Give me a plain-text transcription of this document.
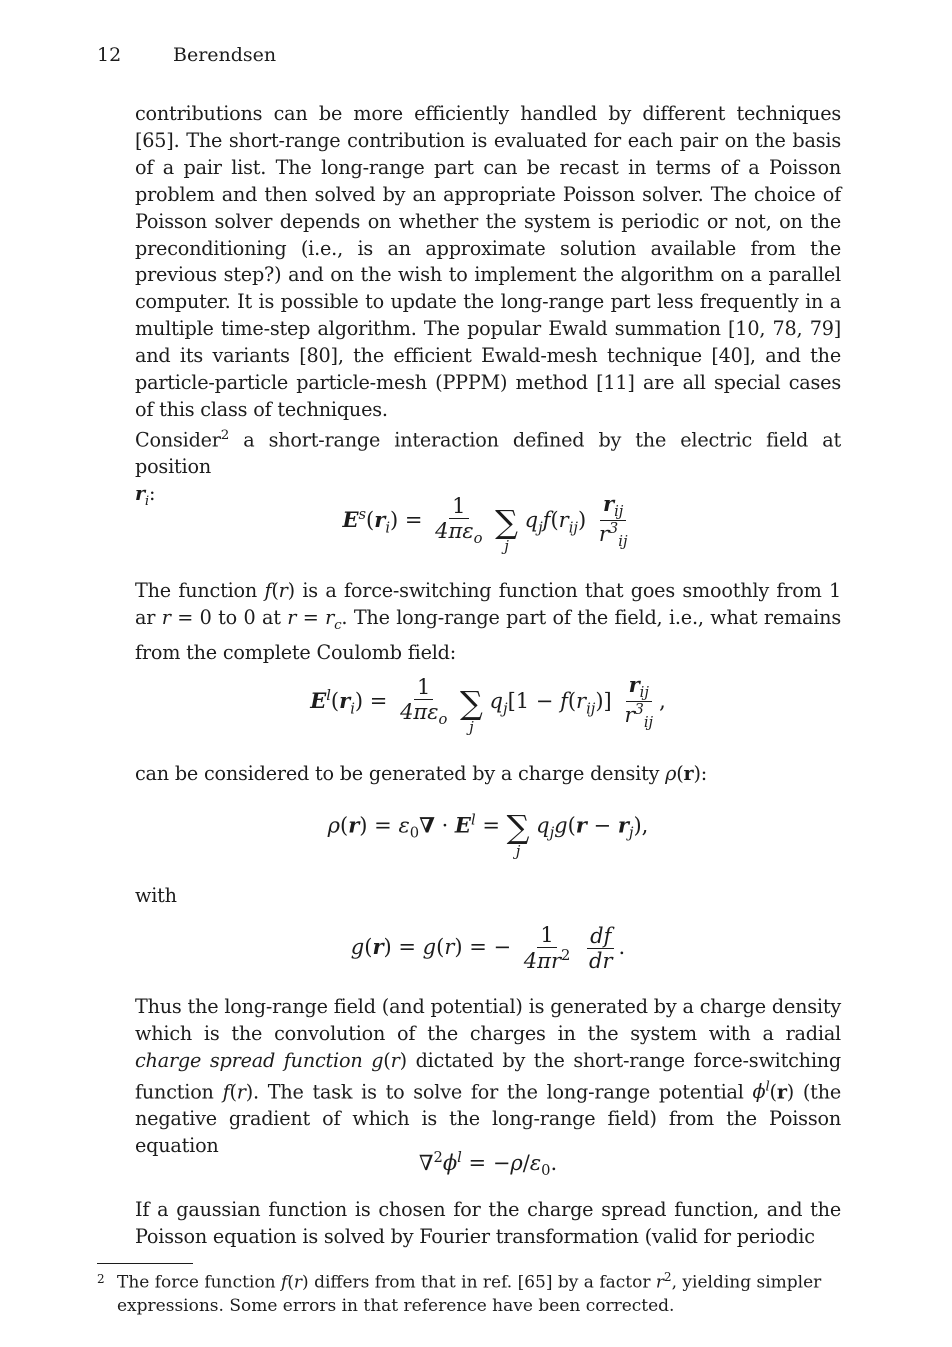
12	Berendsen

contributions can be more efficiently handled by different techniques [65]. The short-range contribution is evaluated for each pair on the basis of a pair list. The long-range part can be recast in terms of a Poisson problem and then solved by an appropriate Poisson solver. The choice of Poisson solver depends on whether the system is periodic or not, on the preconditioning (i.e., is an approximate solution available from the previous step?) and on the wish to implement the algorithm on a parallel computer. It is possible to update the long-range part less frequently in a multiple time-step algorithm. The popular Ewald summation [10, 78, 79] and its variants [80], the efficient Ewald-mesh technique [40], and the particle-particle particle-mesh (PPPM) method [11] are all special cases of this class of techniques.

Consider$^2$ a short-range interaction defined by the electric field at position
$r_i$:

$E^s(r_i) = \frac{1}{4\pi\varepsilon_o}$ ∑
j
$q_jf(r_{ij}) \frac{r_{ij}}{r^3_{ij}}$

The function f(r) is a force-switching function that goes smoothly from 1 ar r = 0 to 0 at $r = r_c$. The long-range part of the field, i.e., what remains from the complete Coulomb field:

$E^l(r_i) = \frac{1}{4\pi\varepsilon_o}$ ∑
j
$q_j[1 - f(r_{ij})] \frac{r_{ij}}{r^3_{ij}}$ ,

can be considered to be generated by a charge density ρ(r):

$\rho(r) = \varepsilon_0\nabla \cdot E^l$ = ∑
j
$q_jg(r - r_j)$,

with

g(r) = g(r) = − $\frac{1}{4\pi r^2}$
$\frac{df}{dr}$ .

Thus the long-range field (and potential) is generated by a charge density which is the convolution of the charges in the system with a radial charge spread function g(r) dictated by the short-range force-switching function f(r). The task is to solve for the long-range potential $\phi^l(r)$ (the negative gradient of which is the long-range field) from the Poisson equation

$\nabla^2\phi^l = -\rho/\varepsilon_0$.

If a gaussian function is chosen for the charge spread function, and the Poisson equation is solved by Fourier transformation (valid for periodic

2 The force function f(r) differs from that in ref. [65] by a factor $r^2$, yielding simpler
expressions. Some errors in that reference have been corrected.
